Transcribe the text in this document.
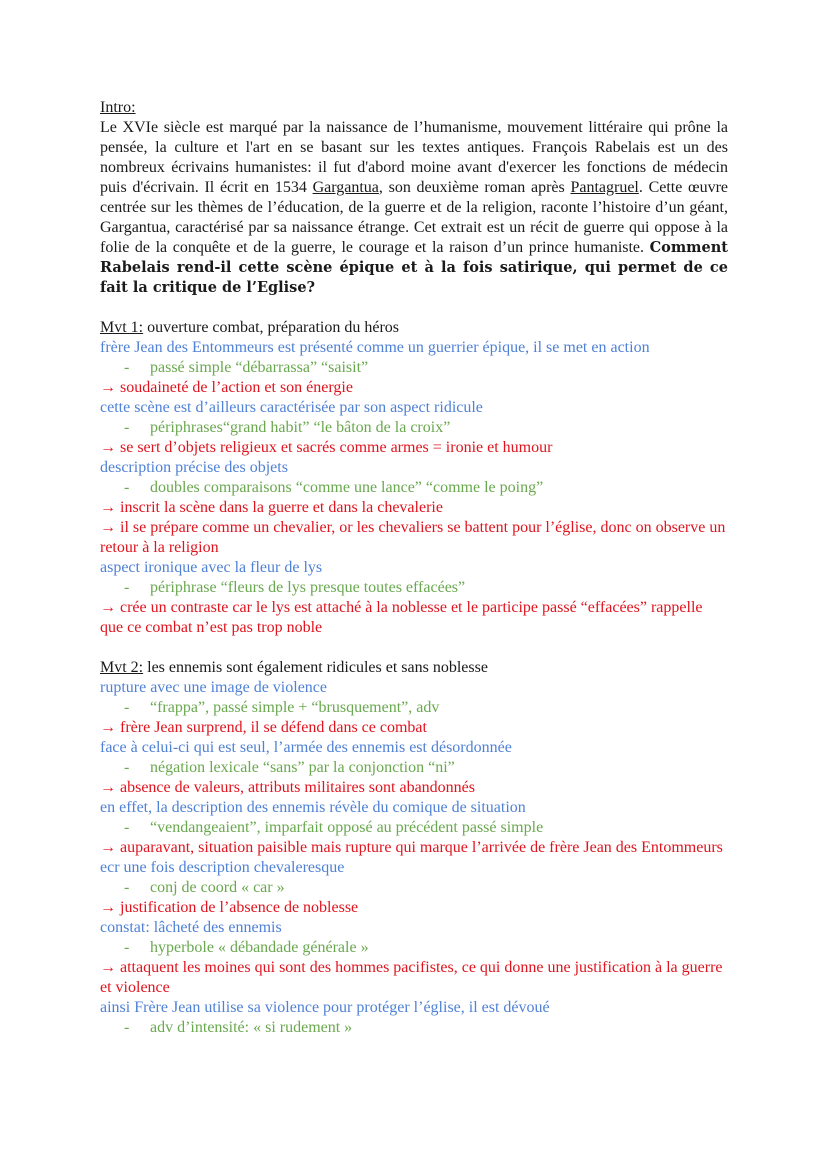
Intro:
Le XVIe siècle est marqué par la naissance de l’humanisme, mouvement littéraire qui prône la pensée, la culture et l'art en se basant sur les textes antiques. François Rabelais est un des nombreux écrivains humanistes: il fut d'abord moine avant d'exercer les fonctions de médecin puis d'écrivain. Il écrit en 1534 Gargantua, son deuxième roman après Pantagruel. Cette œuvre centrée sur les thèmes de l’éducation, de la guerre et de la religion, raconte l’histoire d’un géant, Gargantua, caractérisé par sa naissance étrange. Cet extrait est un récit de guerre qui oppose à la folie de la conquête et de la guerre, le courage et la raison d’un prince humaniste. Comment Rabelais rend-il cette scène épique et à la fois satirique, qui permet de ce fait la critique de l’Eglise?
Mvt 1: ouverture combat, préparation du héros
frère Jean des Entommeurs est présenté comme un guerrier épique, il se met en action
- passé simple “débarrassa” “saisit”
→ soudaineté de l’action et son énergie
cette scène est d’ailleurs caractérisée par son aspect ridicule
- périphrases“grand habit” “le bâton de la croix”
→ se sert d’objets religieux et sacrés comme armes = ironie et humour
description précise des objets
- doubles comparaisons “comme une lance” “comme le poing”
→ inscrit la scène dans la guerre et dans la chevalerie
→ il se prépare comme un chevalier, or les chevaliers se battent pour l’église, donc on observe un retour à la religion
aspect ironique avec la fleur de lys
- périphrase “fleurs de lys presque toutes effacées”
→ crée un contraste car le lys est attaché à la noblesse et le participe passé “effacées” rappelle que ce combat n’est pas trop noble
Mvt 2: les ennemis sont également ridicules et sans noblesse
rupture avec une image de violence
- “frappa”, passé simple + “brusquement”, adv
→ frère Jean surprend, il se défend dans ce combat
face à celui-ci qui est seul, l’armée des ennemis est désordonnée
- négation lexicale “sans” par la conjonction “ni”
→ absence de valeurs, attributs militaires sont abandonnés
en effet, la description des ennemis révèle du comique de situation
- “vendangeaient”, imparfait opposé au précédent passé simple
→ auparavant, situation paisible mais rupture qui marque l’arrivée de frère Jean des Entommeurs
ecr une fois description chevaleresque
- conj de coord « car »
→ justification de l’absence de noblesse
constat: lâcheté des ennemis
- hyperbole « débandade générale »
→ attaquent les moines qui sont des hommes pacifistes, ce qui donne une justification à la guerre et violence
ainsi Frère Jean utilise sa violence pour protéger l’église, il est dévoué
- adv d’intensité: « si rudement »
